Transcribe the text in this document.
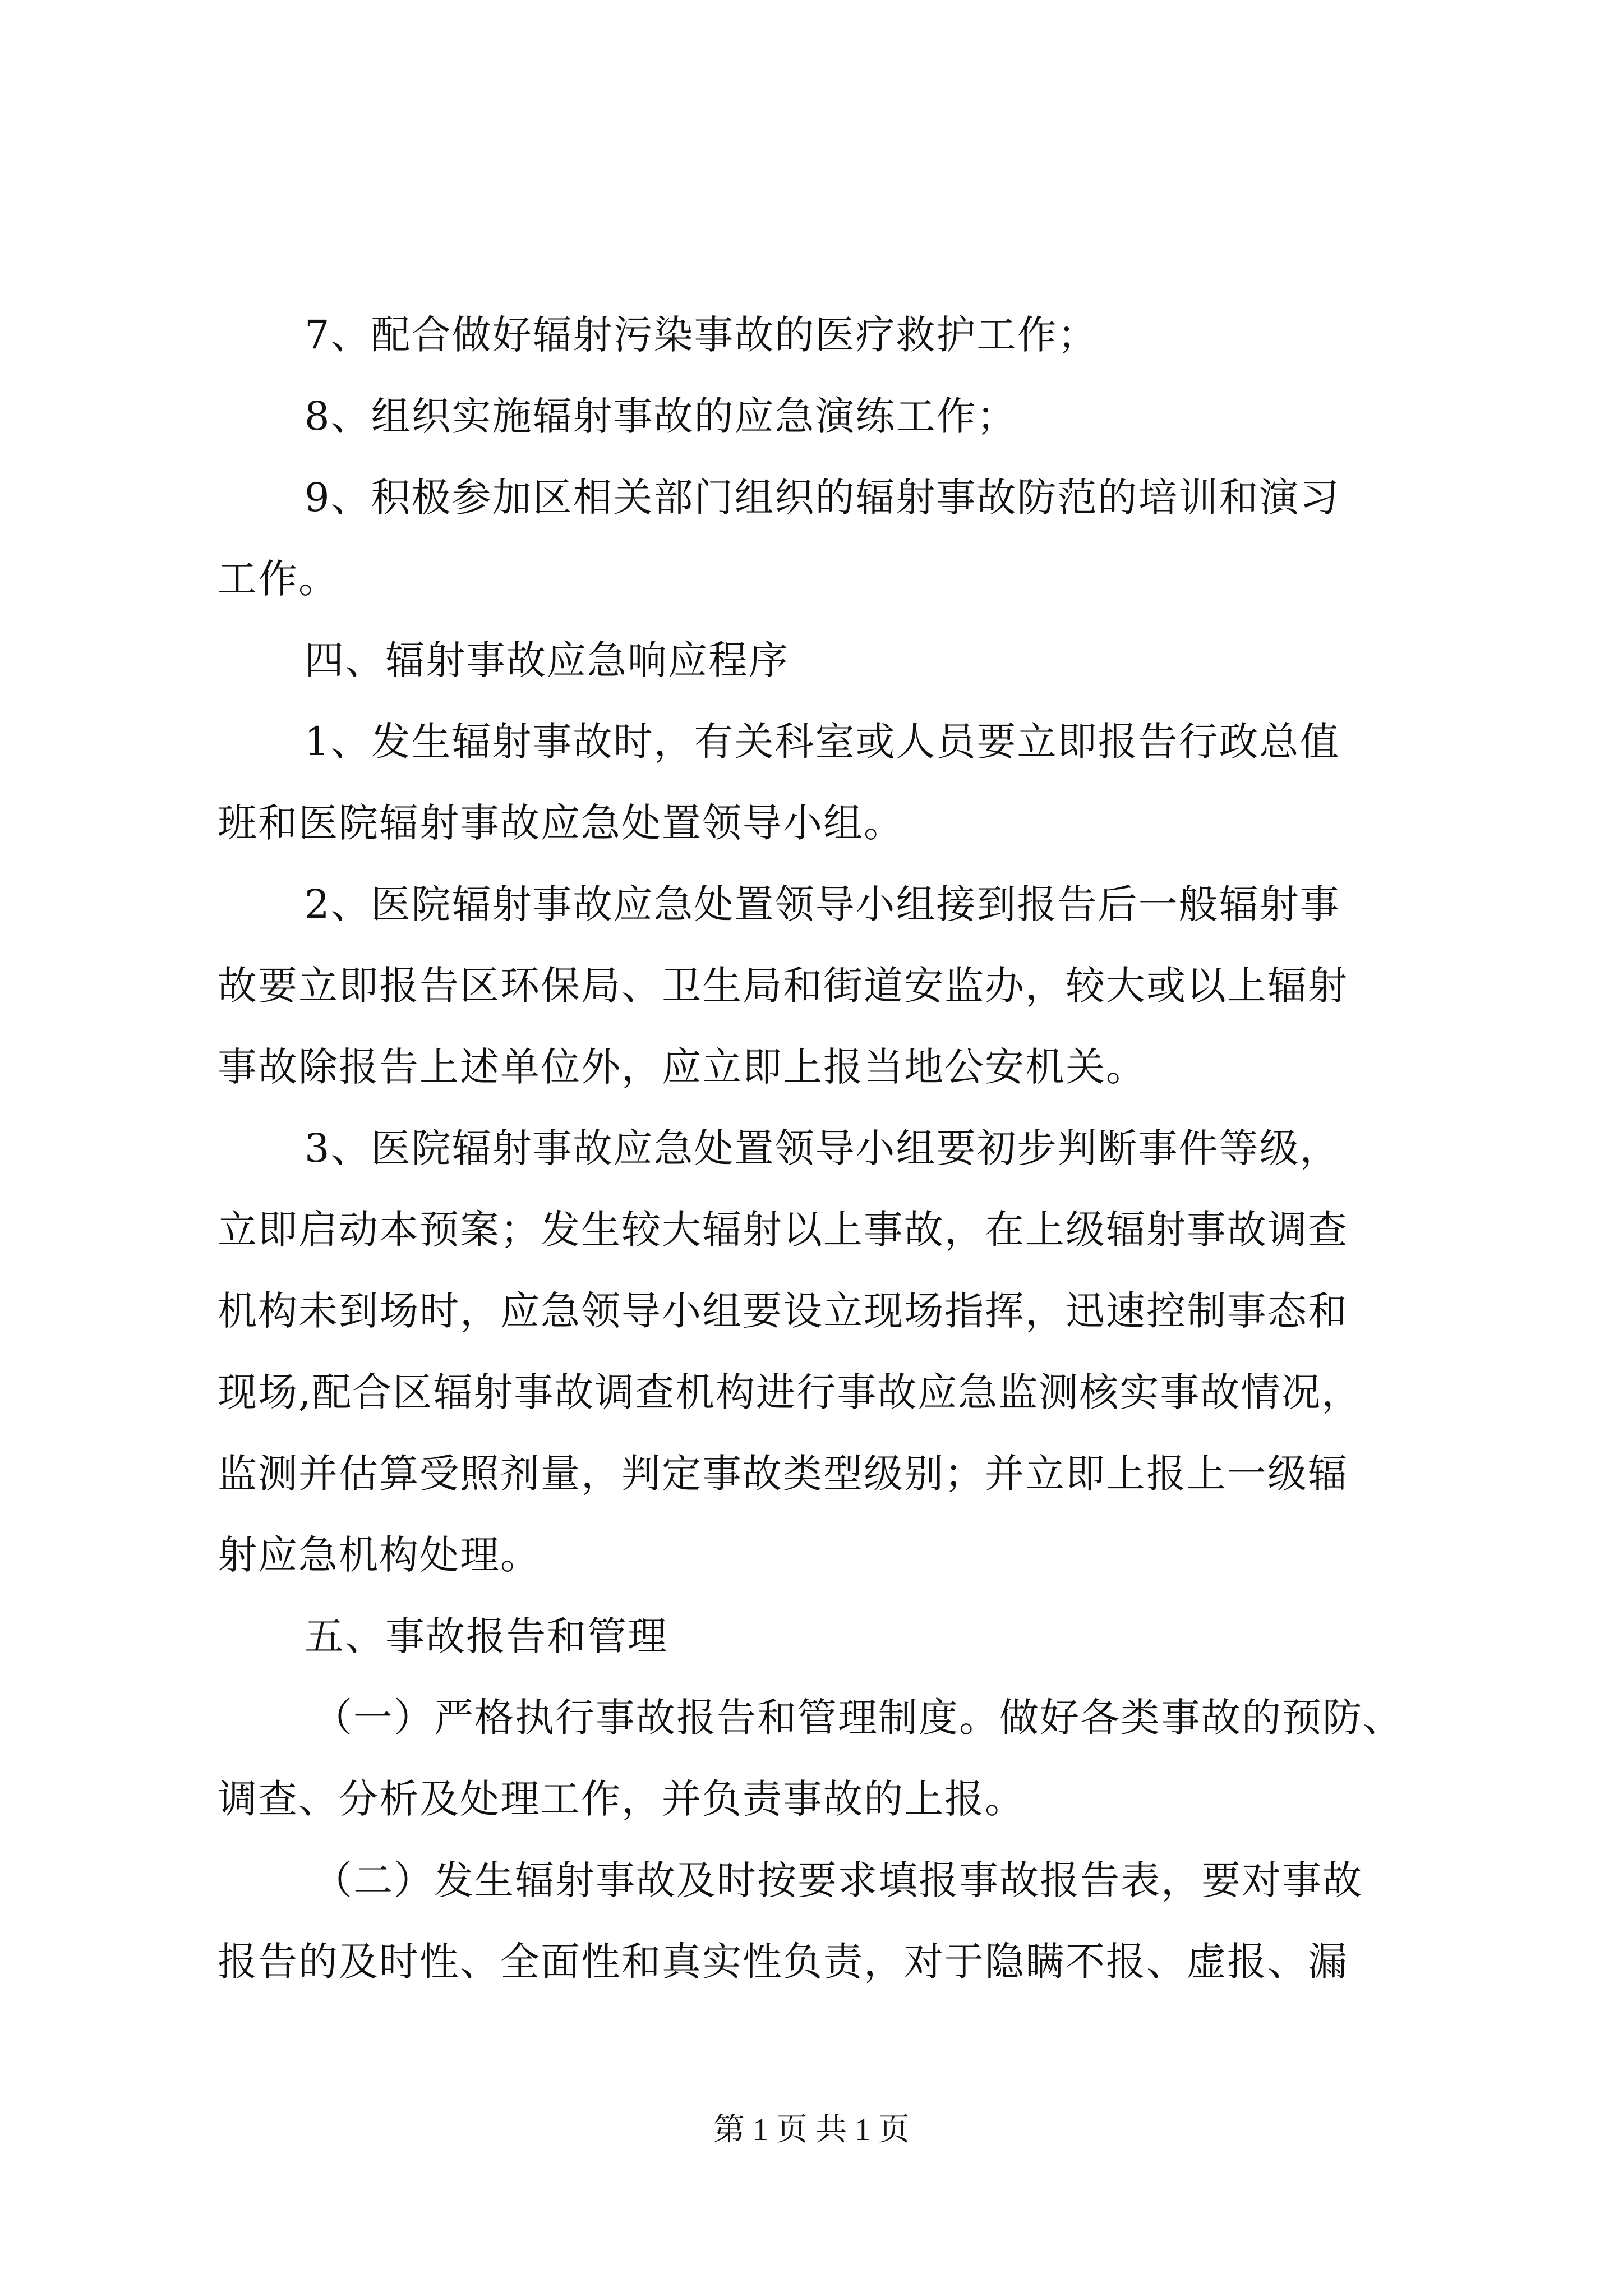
7、配合做好辐射污染事故的医疗救护工作；
8、组织实施辐射事故的应急演练工作；
9、积极参加区相关部门组织的辐射事故防范的培训和演习
工作。
四、辐射事故应急响应程序
1、发生辐射事故时，有关科室或人员要立即报告行政总值
班和医院辐射事故应急处置领导小组。
2、医院辐射事故应急处置领导小组接到报告后一般辐射事
故要立即报告区环保局、卫生局和街道安监办，较大或以上辐射
事故除报告上述单位外，应立即上报当地公安机关。
3、医院辐射事故应急处置领导小组要初步判断事件等级，
立即启动本预案；发生较大辐射以上事故，在上级辐射事故调查
机构未到场时，应急领导小组要设立现场指挥，迅速控制事态和
现场,配合区辐射事故调查机构进行事故应急监测核实事故情况，
监测并估算受照剂量，判定事故类型级别；并立即上报上一级辐
射应急机构处理。
五、事故报告和管理
（一）严格执行事故报告和管理制度。做好各类事故的预防、
调查、分析及处理工作，并负责事故的上报。
（二）发生辐射事故及时按要求填报事故报告表，要对事故
报告的及时性、全面性和真实性负责，对于隐瞒不报、虚报、漏
第 1 页 共 1 页
